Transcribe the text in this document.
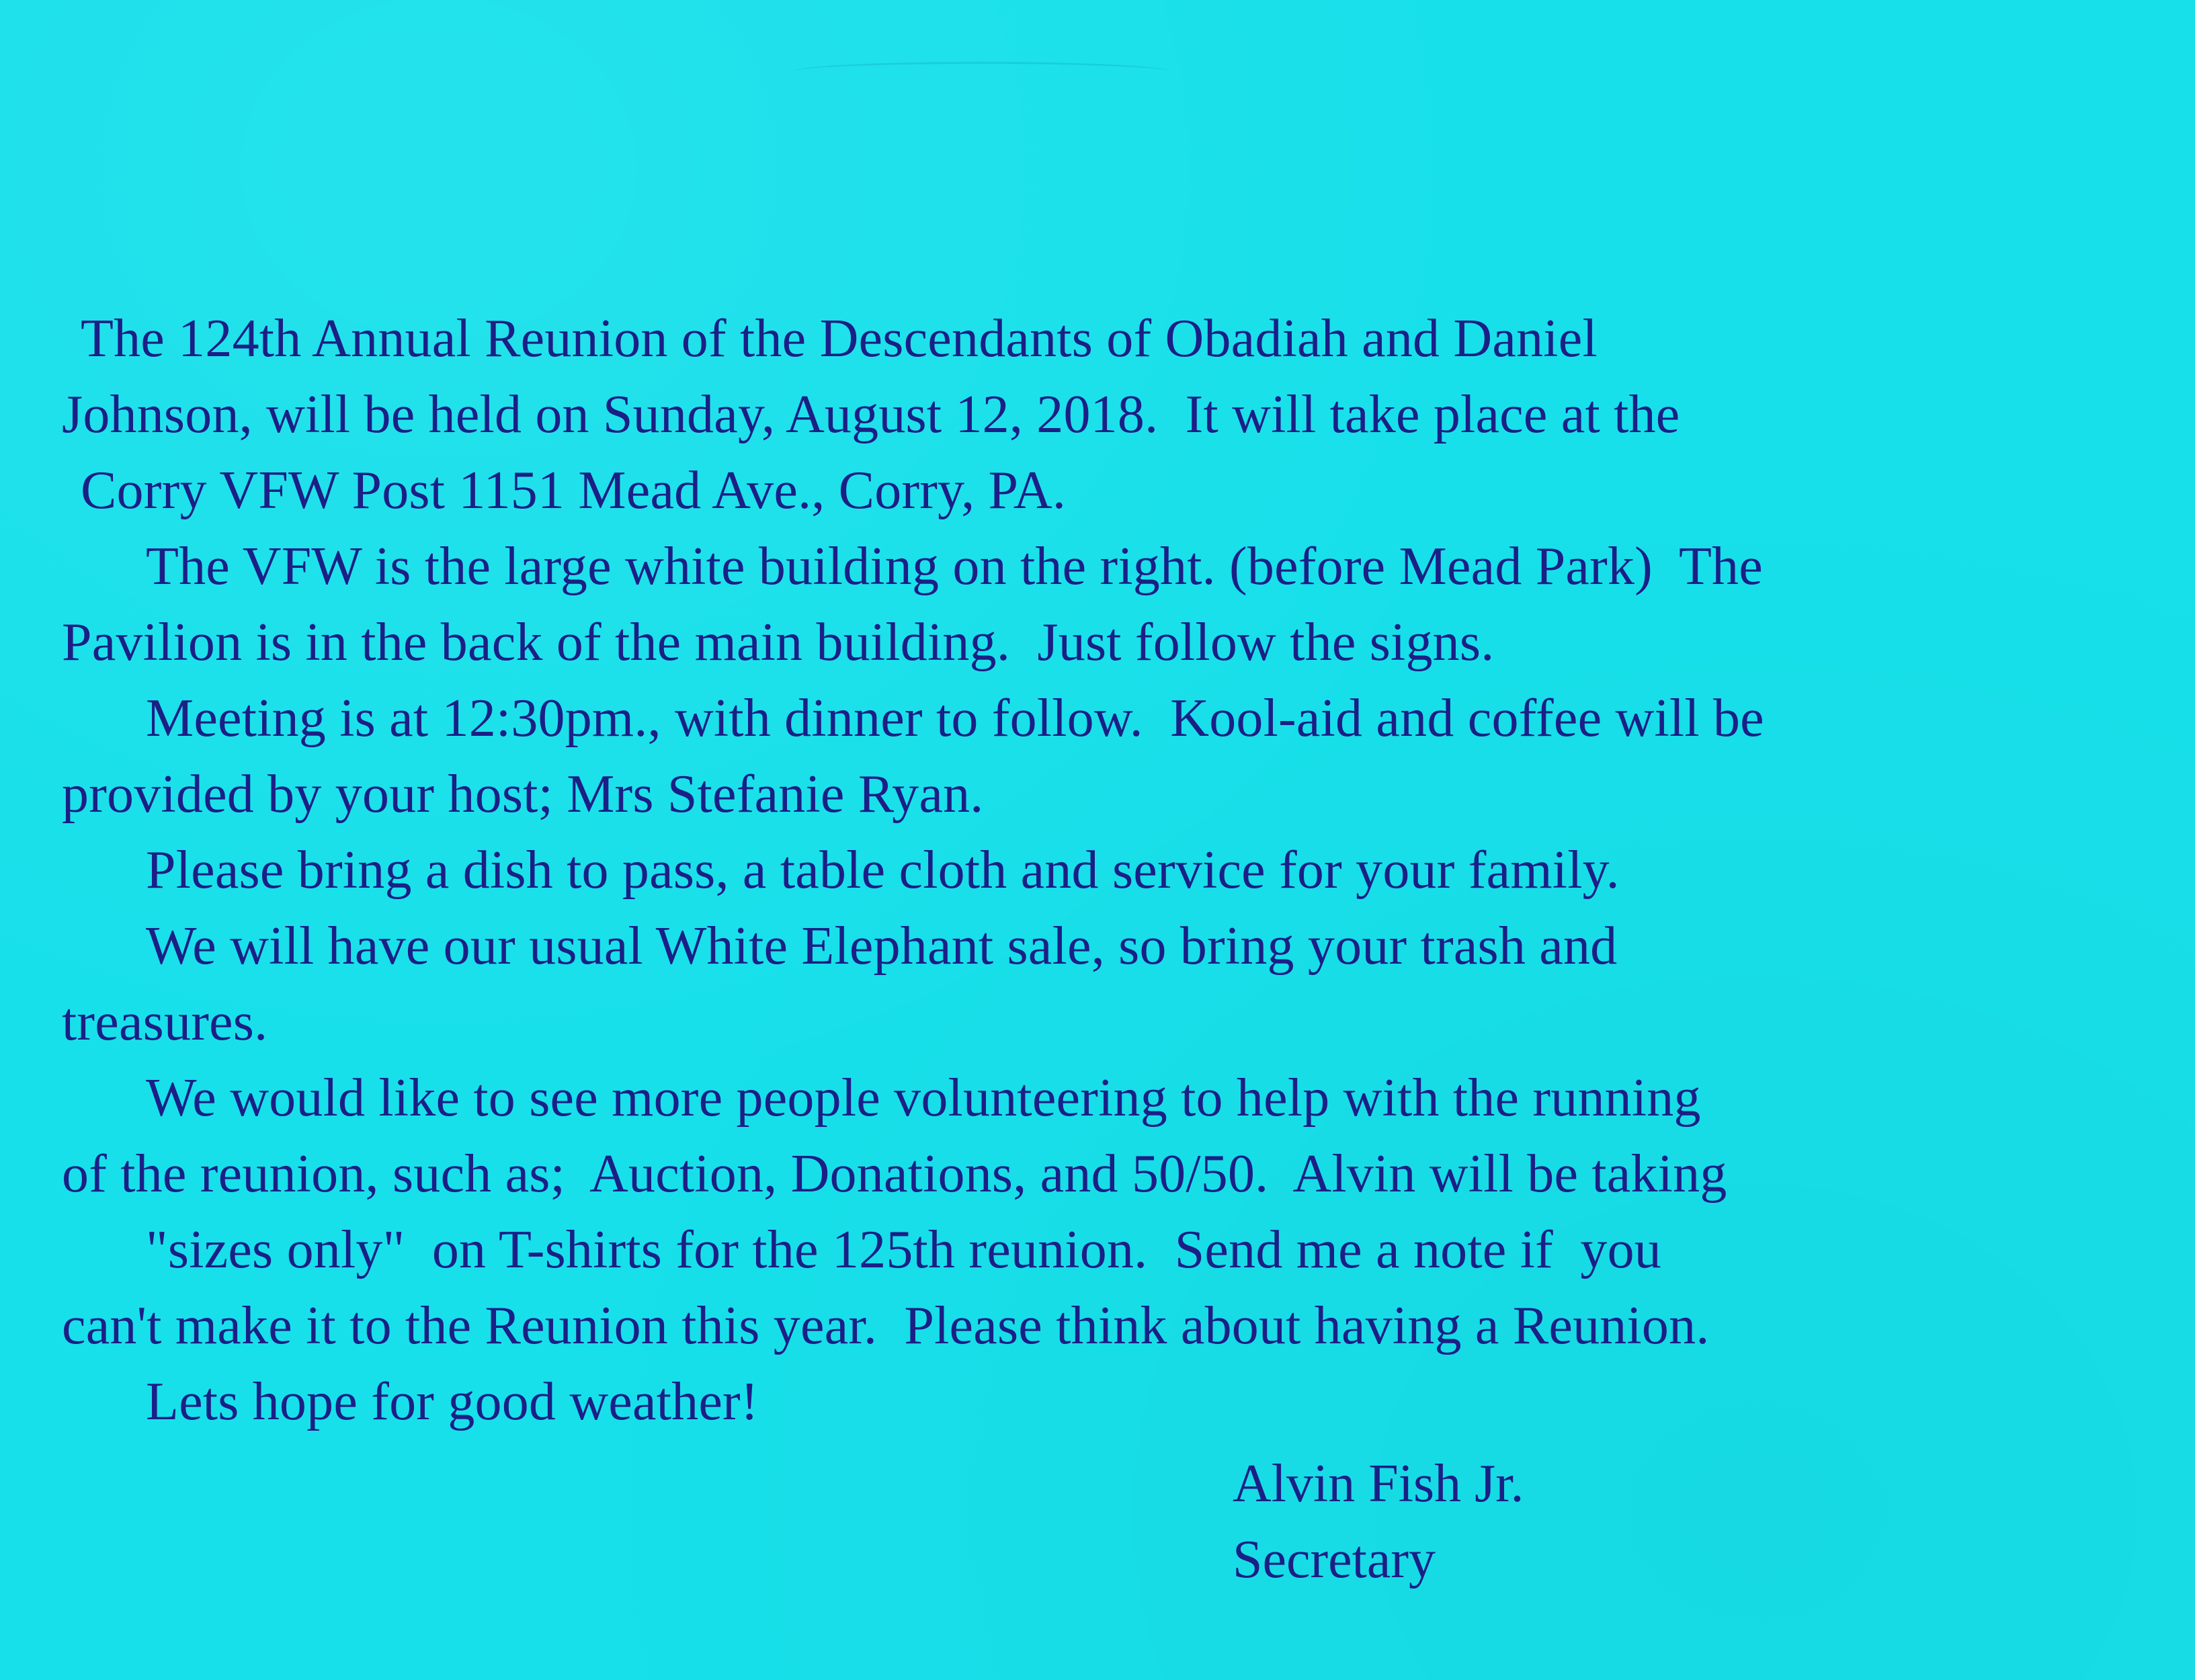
The 124th Annual Reunion of the Descendants of Obadiah and Daniel
Johnson, will be held on Sunday, August 12, 2018.  It will take place at the
Corry VFW Post 1151 Mead Ave., Corry, PA.
The VFW is the large white building on the right. (before Mead Park)  The
Pavilion is in the back of the main building.  Just follow the signs.
Meeting is at 12:30pm., with dinner to follow.  Kool-aid and coffee will be
provided by your host; Mrs Stefanie Ryan.
Please bring a dish to pass, a table cloth and service for your family.
We will have our usual White Elephant sale, so bring your trash and
treasures.
We would like to see more people volunteering to help with the running
of the reunion, such as;  Auction, Donations, and 50/50.  Alvin will be taking
"sizes only"  on T-shirts for the 125th reunion.  Send me a note if  you
can't make it to the Reunion this year.  Please think about having a Reunion.
Lets hope for good weather!
Alvin Fish Jr.
Secretary
